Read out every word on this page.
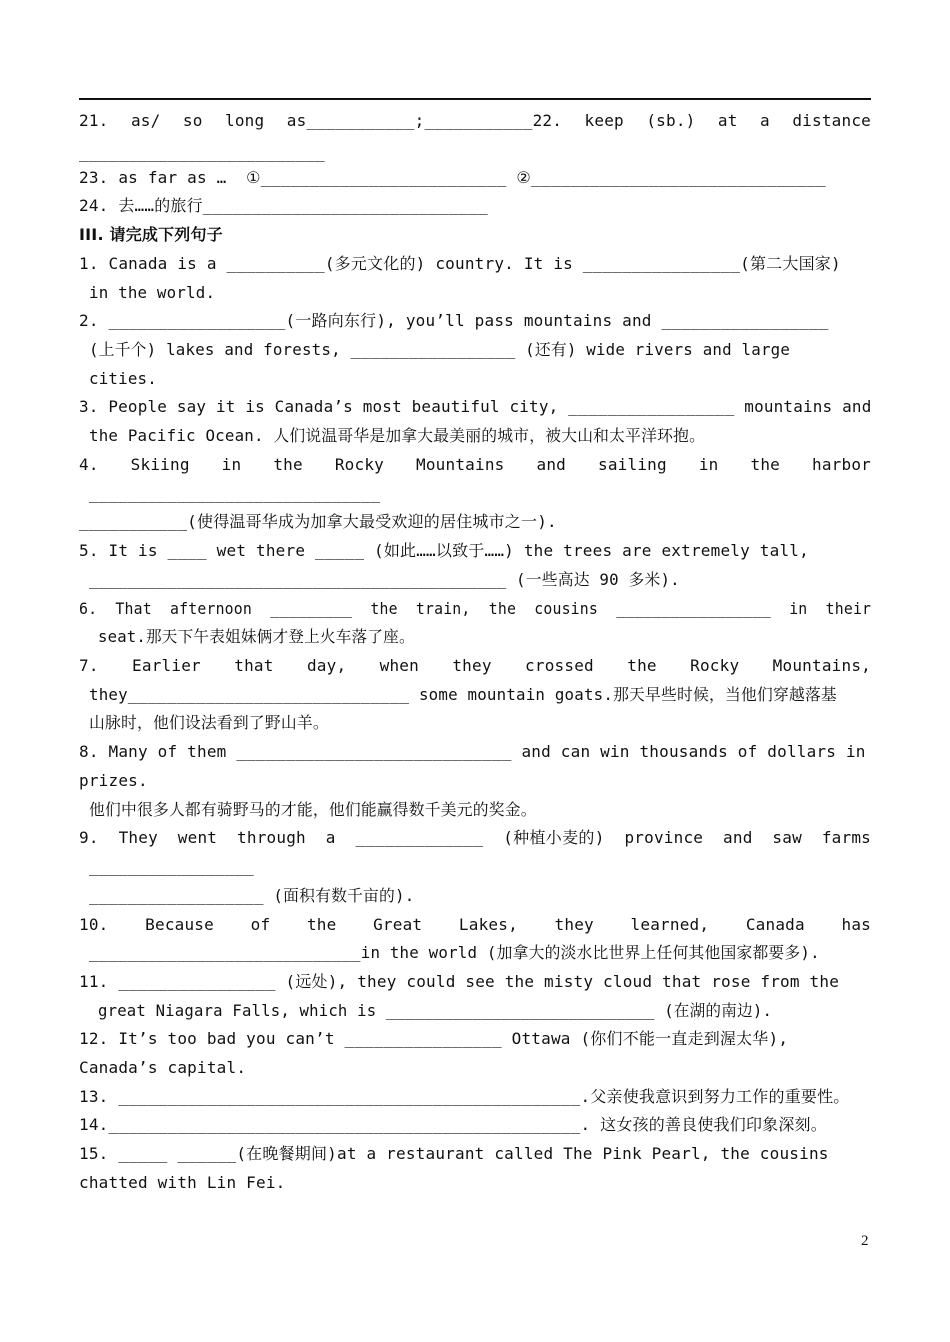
21.  as/  so  long  as___________;___________22.  keep  (sb.)  at  a  distance
_________________________
23. as far as …  ①_________________________ ②______________________________
24. 去……的旅行_____________________________
III. 请完成下列句子
1. Canada is a __________(多元文化的) country. It is ________________(第二大国家)
in the world.
2. __________________(一路向东行), you’ll pass mountains and _________________
(上千个) lakes and forests, _________________ (还有) wide rivers and large
cities.
3. People say it is Canada’s most beautiful city, _________________ mountains and
the Pacific Ocean. 人们说温哥华是加拿大最美丽的城市，被大山和太平洋环抱。
4.  Skiing  in  the  Rocky  Mountains  and  sailing  in  the  harbor
______________________________
___________(使得温哥华成为加拿大最受欢迎的居住城市之一).
5. It is ____ wet there _____ (如此……以致于……) the trees are extremely tall,
___________________________________________ (一些高达 90 多米).
6.  That  afternoon  _________  the  train,  the  cousins  _________________  in  their
seat.那天下午表姐妹俩才登上火车落了座。
7.  Earlier  that  day,  when  they  crossed  the  Rocky  Mountains,
they_____________________________ some mountain goats.那天早些时候，当他们穿越落基
山脉时，他们设法看到了野山羊。
8. Many of them ____________________________ and can win thousands of dollars in
prizes.
他们中很多人都有骑野马的才能，他们能赢得数千美元的奖金。
9.  They  went  through  a  _____________  (种植小麦的)  province  and  saw  farms
_________________
__________________ (面积有数千亩的).
10.  Because  of  the  Great  Lakes,  they  learned,  Canada  has
____________________________in the world (加拿大的淡水比世界上任何其他国家都要多).
11. ________________ (远处), they could see the misty cloud that rose from the
great Niagara Falls, which is ____________________________ (在湖的南边).
12. It’s too bad you can’t ________________ Ottawa (你们不能一直走到渥太华),
Canada’s capital.
13. _______________________________________________.父亲使我意识到努力工作的重要性。
14.________________________________________________. 这女孩的善良使我们印象深刻。
15. _____ ______(在晚餐期间)at a restaurant called The Pink Pearl, the cousins
chatted with Lin Fei.
2
